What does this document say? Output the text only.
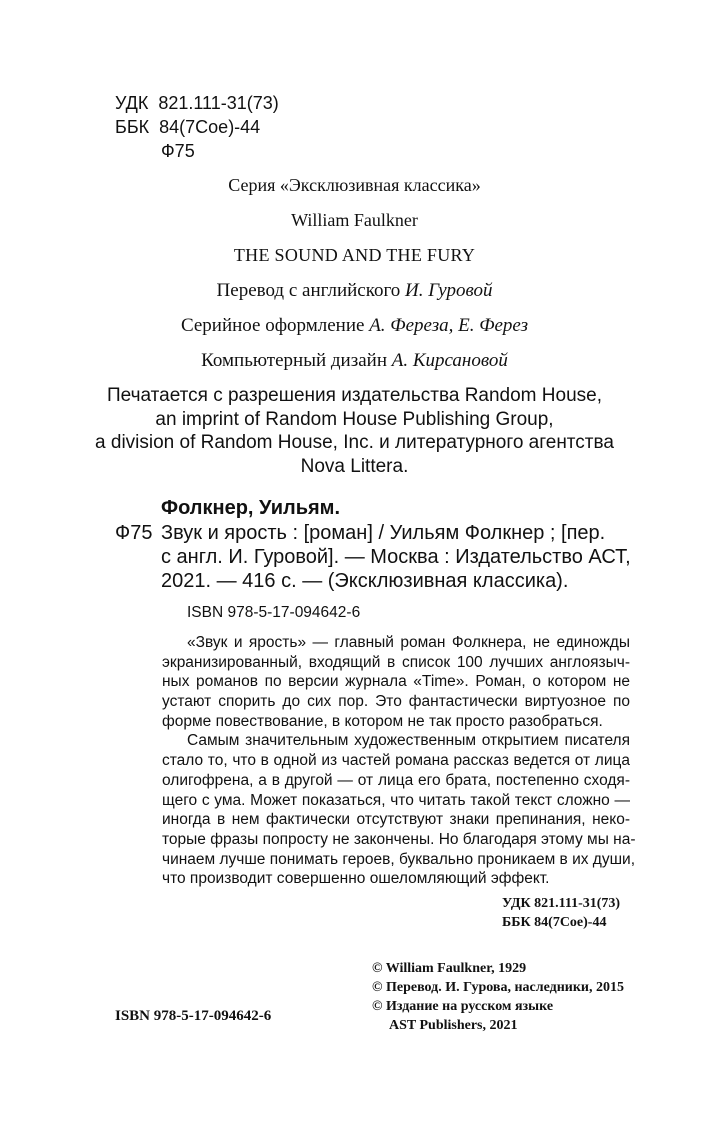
УДК 821.111-31(73)
ББК 84(7Сое)-44
Ф75
Серия «Эксклюзивная классика»
William Faulkner
THE SOUND AND THE FURY
Перевод с английского И. Гуровой
Серийное оформление А. Фереза, Е. Ферез
Компьютерный дизайн А. Кирсановой
Печатается с разрешения издательства Random House,
an imprint of Random House Publishing Group,
a division of Random House, Inc. и литературного агентства
Nova Littera.
Фолкнер, Уильям.
Ф75 Звук и ярость : [роман] / Уильям Фолкнер ; [пер.
с англ. И. Гуровой]. — Москва : Издательство АСТ,
2021. — 416 с. — (Эксклюзивная классика).
ISBN 978-5-17-094642-6
«Звук и ярость» — главный роман Фолкнера, не единожды
экранизированный, входящий в список 100 лучших англоязыч-
ных романов по версии журнала «Time». Роман, о котором не
устают спорить до сих пор. Это фантастически виртуозное по
форме повествование, в котором не так просто разобраться.
Самым значительным художественным открытием писателя
стало то, что в одной из частей романа рассказ ведется от лица
олигофрена, а в другой — от лица его брата, постепенно сходя-
щего с ума. Может показаться, что читать такой текст сложно —
иногда в нем фактически отсутствуют знаки препинания, неко-
торые фразы попросту не закончены. Но благодаря этому мы на-
чинаем лучше понимать героев, буквально проникаем в их души,
что производит совершенно ошеломляющий эффект.
УДК 821.111-31(73)
ББК 84(7Сое)-44
© William Faulkner, 1929
© Перевод. И. Гурова, наследники, 2015
© Издание на русском языке
AST Publishers, 2021
ISBN 978-5-17-094642-6
